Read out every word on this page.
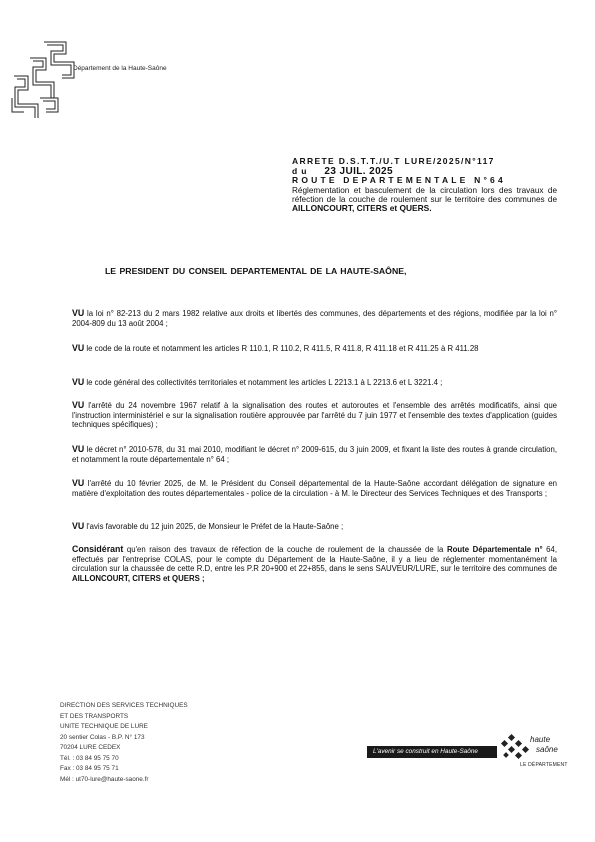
Département de la Haute-Saône
ARRETE D.S.T.T./U.T LURE/2025/N°117
du 23 JUIL. 2025
ROUTE DEPARTEMENTALE N°64
Réglementation et basculement de la circulation lors des travaux de réfection de la couche de roulement sur le territoire des communes de AILLONCOURT, CITERS et QUERS.
LE PRESIDENT DU CONSEIL DEPARTEMENTAL DE LA HAUTE-SAÔNE,
VU la loi n° 82-213 du 2 mars 1982 relative aux droits et libertés des communes, des départements et des régions, modifiée par la loi n° 2004-809 du 13 août 2004 ;
VU le code de la route et notamment les articles R 110.1, R 110.2, R 411.5, R 411.8, R 411.18 et R 411.25 à R 411.28
VU le code général des collectivités territoriales et notamment les articles L 2213.1 à L 2213.6 et L 3221.4 ;
VU l'arrêté du 24 novembre 1967 relatif à la signalisation des routes et autoroutes et l'ensemble des arrêtés modificatifs, ainsi que l'instruction interministériel e sur la signalisation routière approuvée par l'arrêté du 7 juin 1977 et l'ensemble des textes d'application (guides techniques spécifiques) ;
VU le décret n° 2010-578, du 31 mai 2010, modifiant le décret n° 2009-615, du 3 juin 2009, et fixant la liste des routes à grande circulation, et notamment la route départementale n° 64 ;
VU l'arrêté du 10 février 2025, de M. le Président du Conseil départemental de la Haute-Saône accordant délégation de signature en matière d'exploitation des routes départementales - police de la circulation - à M. le Directeur des Services Techniques et des Transports ;
VU l'avis favorable du 12 juin 2025, de Monsieur le Préfet de la Haute-Saône ;
Considérant qu'en raison des travaux de réfection de la couche de roulement de la chaussée de la Route Départementale n° 64, effectués par l'entreprise COLAS, pour le compte du Département de la Haute-Saône, il y a lieu de réglementer momentanément la circulation sur la chaussée de cette R.D, entre les P.R 20+900 et 22+855, dans le sens SAUVEUR/LURE, sur le territoire des communes de AILLONCOURT, CITERS et QUERS ;
DIRECTION DES SERVICES TECHNIQUES
ET DES TRANSPORTS
UNITE TECHNIQUE DE LURE
20 sentier Colas - B.P. N° 173
70204 LURE CEDEX
Tél. : 03 84 95 75 70
Fax : 03 84 95 75 71
Mél : ut70-lure@haute-saone.fr
L'avenir se construit en Haute-Saône
haute
saône
LE DÉPARTEMENT
